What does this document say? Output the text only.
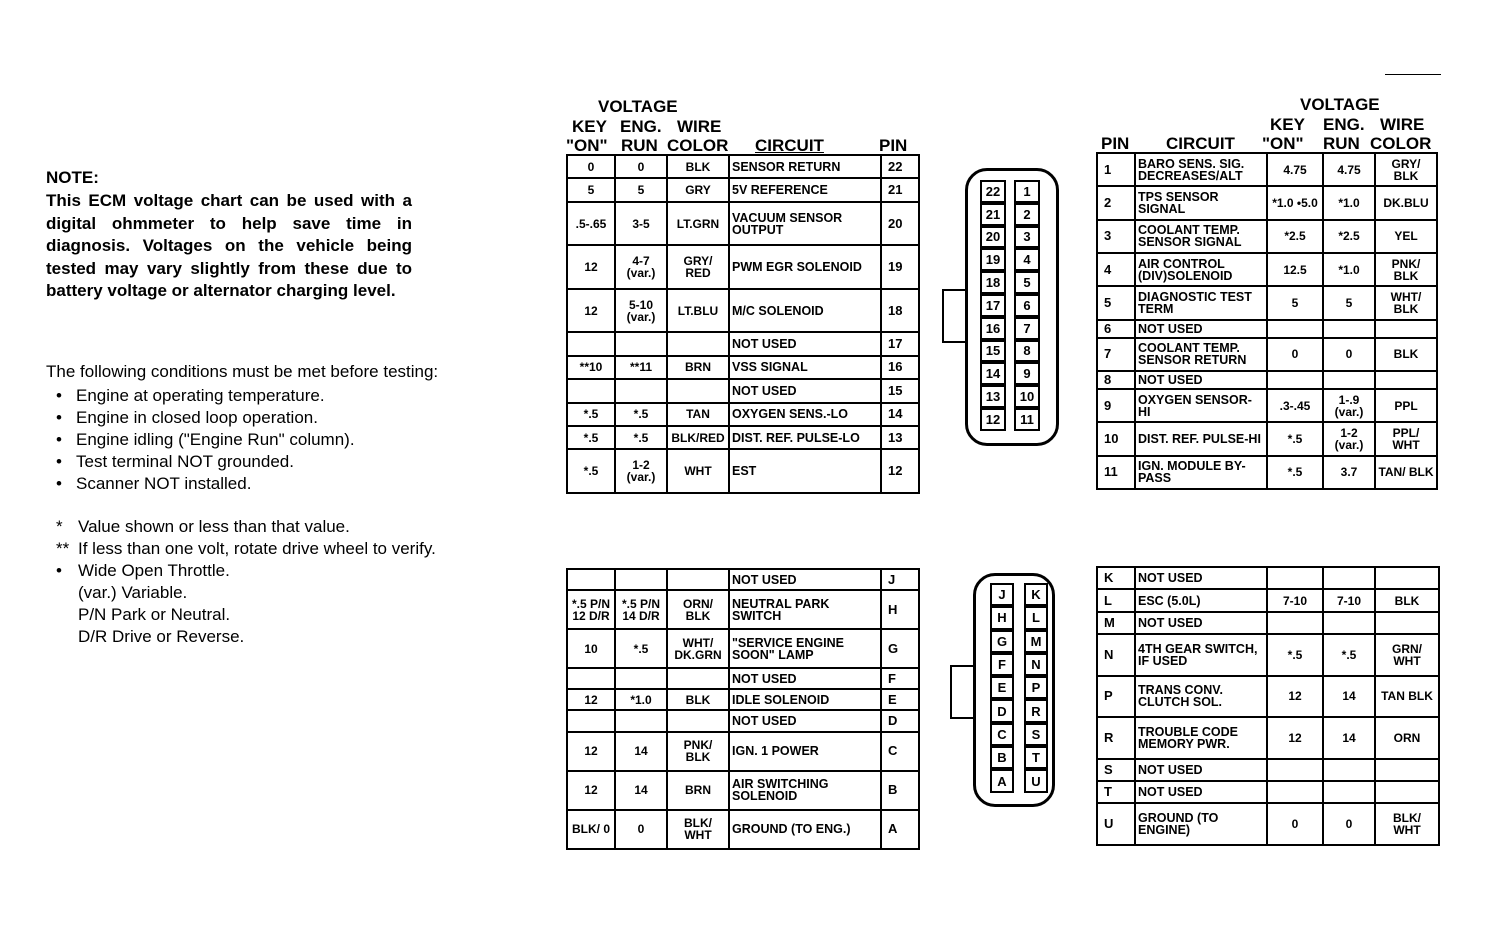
NOTE:
This ECM voltage chart can be used with a digital ohmmeter to help save time in diagnosis. Voltages on the vehicle being tested may vary slightly from these due to battery voltage or alternator charging level.
The following conditions must be met before testing:
• Engine at operating temperature.
• Engine in closed loop operation.
• Engine idling ("Engine Run" column).
• Test terminal NOT grounded.
• Scanner NOT installed.
* Value shown or less than that value.
** If less than one volt, rotate drive wheel to verify.
• Wide Open Throttle.
(var.) Variable.
P/N Park or Neutral.
D/R Drive or Reverse.
VOLTAGE
KEY ENG. WIRE
"ON" RUN COLOR CIRCUIT	PIN
VOLTAGE
KEY ENG. WIRE
PIN CIRCUIT "ON" RUN COLOR
0	0	BLK	SENSOR RETURN	22
5	5	GRY	5V REFERENCE	21
.5-.65	3-5	LT.GRN	VACUUM SENSOR OUTPUT	20
12	4-7 (var.)	GRY/ RED	PWM EGR SOLENOID	19
12	5-10 (var.)	LT.BLU	M/C SOLENOID	18
			NOT USED	17
**10	**11	BRN	VSS SIGNAL	16
			NOT USED	15
*.5	*.5	TAN	OXYGEN SENS.-LO	14
*.5	*.5	BLK/RED	DIST. REF. PULSE-LO	13
*.5	1-2 (var.)	WHT	EST	12
1	BARO SENS. SIG. DECREASES/ALT	4.75	4.75	GRY/ BLK
2	TPS SENSOR SIGNAL	*1.0 •5.0	*1.0	DK.BLU
3	COOLANT TEMP. SENSOR SIGNAL	*2.5	*2.5	YEL
4	AIR CONTROL (DIV)SOLENOID	12.5	*1.0	PNK/ BLK
5	DIAGNOSTIC TEST TERM	5	5	WHT/ BLK
6	NOT USED			
7	COOLANT TEMP. SENSOR RETURN	0	0	BLK
8	NOT USED			
9	OXYGEN SENSOR-HI	.3-.45	1-.9 (var.)	PPL
10	DIST. REF. PULSE-HI	*.5	1-2 (var.)	PPL/ WHT
11	IGN. MODULE BY-PASS	*.5	3.7	TAN/ BLK
			NOT USED	J
*.5 P/N 12 D/R	*.5 P/N 14 D/R	ORN/ BLK	NEUTRAL PARK SWITCH	H
10	*.5	WHT/ DK.GRN	"SERVICE ENGINE SOON" LAMP	G
			NOT USED	F
12	*1.0	BLK	IDLE SOLENOID	E
			NOT USED	D
12	14	PNK/ BLK	IGN. 1 POWER	C
12	14	BRN	AIR SWITCHING SOLENOID	B
BLK/ 0	0	BLK/ WHT	GROUND (TO ENG.)	A
K	NOT USED			
L	ESC (5.0L)	7-10	7-10	BLK
M	NOT USED			
N	4TH GEAR SWITCH, IF USED	*.5	*.5	GRN/ WHT
P	TRANS CONV. CLUTCH SOL.	12	14	TAN BLK
R	TROUBLE CODE MEMORY PWR.	12	14	ORN
S	NOT USED			
T	NOT USED			
U	GROUND (TO ENGINE)	0	0	BLK/ WHT
22
21
20
19
18
17
16
15
14
13
12
1
2
3
4
5
6
7
8
9
10
11
J
H
G
F
E
D
C
B
A
K
L
M
N
P
R
S
T
U
